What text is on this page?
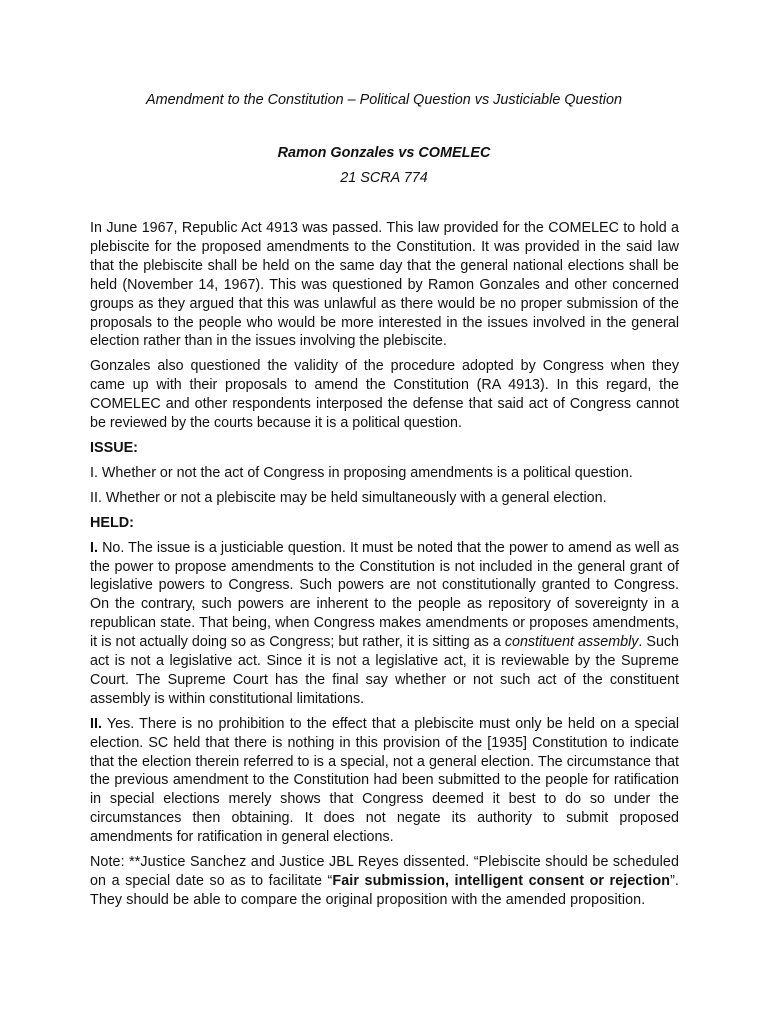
Amendment to the Constitution – Political Question vs Justiciable Question
Ramon Gonzales vs COMELEC
21 SCRA 774

In June 1967, Republic Act 4913 was passed. This law provided for the COMELEC to hold a plebiscite for the proposed amendments to the Constitution. It was provided in the said law that the plebiscite shall be held on the same day that the general national elections shall be held (November 14, 1967). This was questioned by Ramon Gonzales and other concerned groups as they argued that this was unlawful as there would be no proper submission of the proposals to the people who would be more interested in the issues involved in the general election rather than in the issues involving the plebiscite.

Gonzales also questioned the validity of the procedure adopted by Congress when they came up with their proposals to amend the Constitution (RA 4913). In this regard, the COMELEC and other respondents interposed the defense that said act of Congress cannot be reviewed by the courts because it is a political question.

ISSUE:
I. Whether or not the act of Congress in proposing amendments is a political question.
II. Whether or not a plebiscite may be held simultaneously with a general election.
HELD:

I. No. The issue is a justiciable question. It must be noted that the power to amend as well as the power to propose amendments to the Constitution is not included in the general grant of legislative powers to Congress. Such powers are not constitutionally granted to Congress. On the contrary, such powers are inherent to the people as repository of sovereignty in a republican state. That being, when Congress makes amendments or proposes amendments, it is not actually doing so as Congress; but rather, it is sitting as a constituent assembly. Such act is not a legislative act. Since it is not a legislative act, it is reviewable by the Supreme Court. The Supreme Court has the final say whether or not such act of the constituent assembly is within constitutional limitations.

II. Yes. There is no prohibition to the effect that a plebiscite must only be held on a special election. SC held that there is nothing in this provision of the [1935] Constitution to indicate that the election therein referred to is a special, not a general election. The circumstance that the previous amendment to the Constitution had been submitted to the people for ratification in special elections merely shows that Congress deemed it best to do so under the circumstances then obtaining. It does not negate its authority to submit proposed amendments for ratification in general elections.

Note: **Justice Sanchez and Justice JBL Reyes dissented. “Plebiscite should be scheduled on a special date so as to facilitate “Fair submission, intelligent consent or rejection”. They should be able to compare the original proposition with the amended proposition.
